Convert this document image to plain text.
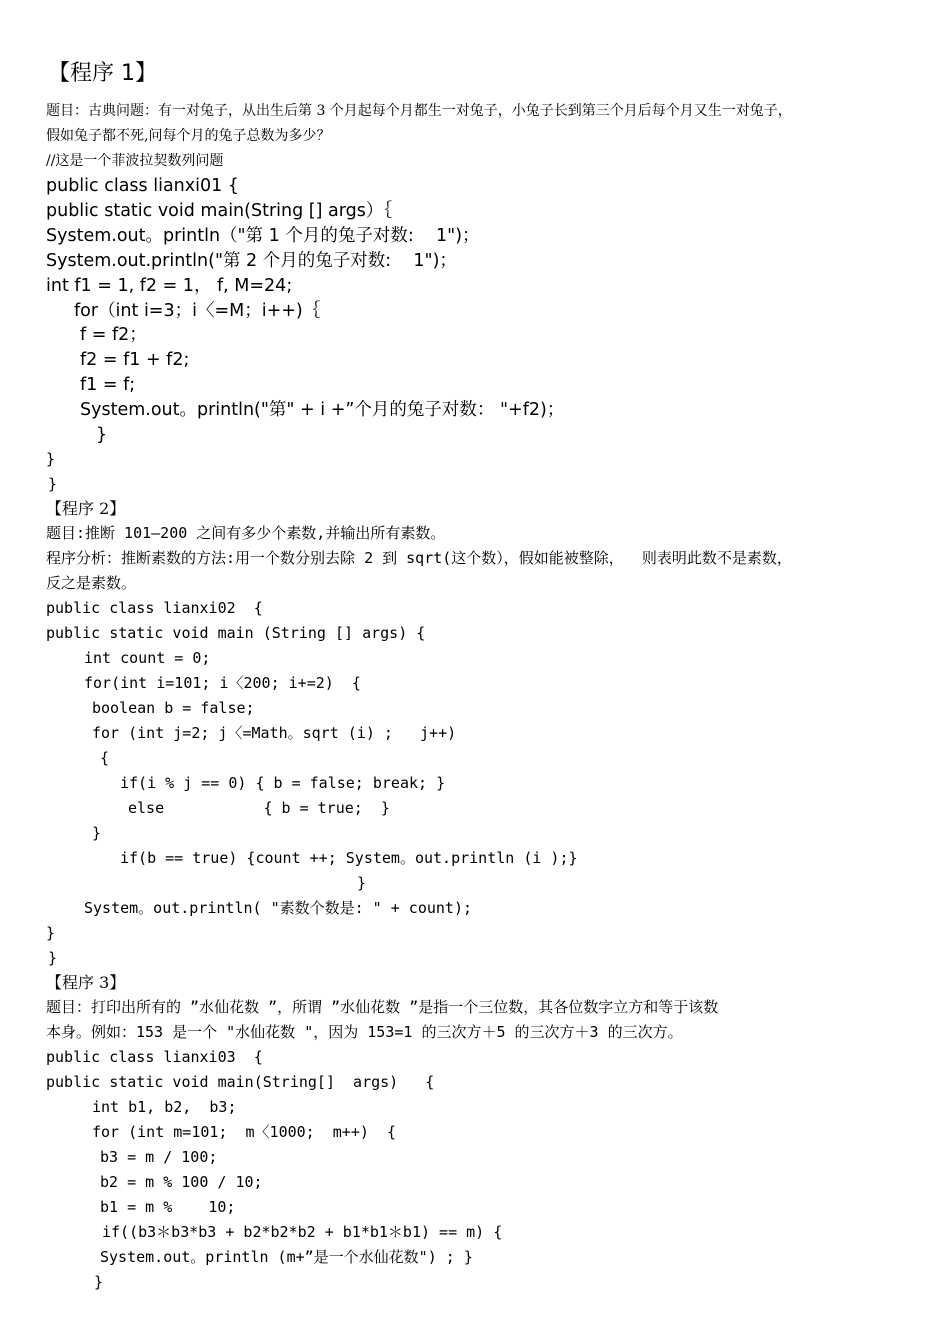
【程序 1】
题目：古典问题：有一对兔子，从出生后第 3 个月起每个月都生一对兔子，小兔子长到第三个月后每个月又生一对兔子，
假如兔子都不死,问每个月的兔子总数为多少？
//这是一个菲波拉契数列问题
public class lianxi01 {
public static void main(String [] args）｛
System.out。println（"第 1 个月的兔子对数:    1")；
System.out.println("第 2 个月的兔子对数:    1")；
int f1 = 1, f2 = 1， f, M=24;
for（int i=3；i〈=M；i++)｛
f = f2；
f2 = f1 + f2;
f1 = f;
System.out。println("第" + i +”个月的兔子对数： "+f2)；
}
}
}
【程序 2】
题目:推断 101—200 之间有多少个素数,并输出所有素数。
程序分析：推断素数的方法:用一个数分别去除 2 到 sqrt(这个数），假如能被整除，  则表明此数不是素数，
反之是素数。
public class lianxi02  {
public static void main (String [] args) {
int count = 0;
for(int i=101; i〈200; i+=2)  {
boolean b = false;
for (int j=2; j〈=Math。sqrt (i) ;   j++)
{
if(i % j == 0) { b = false; break; }
else           { b = true;  }
}
if(b == true) {count ++; System。out.println (i );}
}
System。out.println( "素数个数是: " + count);
}
}
【程序 3】
题目：打印出所有的 ”水仙花数 ”，所谓 ”水仙花数 ”是指一个三位数，其各位数字立方和等于该数
本身。例如：153 是一个 "水仙花数 "，因为 153=1 的三次方＋5 的三次方＋3 的三次方。
public class lianxi03  {
public static void main(String[]  args)   {
int b1, b2,  b3;
for (int m=101;  m〈1000;  m++)  {
b3 = m / 100;
b2 = m % 100 / 10;
b1 = m %    10;
if((b3＊b3*b3 + b2*b2*b2 + b1*b1＊b1) == m) {
System.out。println (m+”是一个水仙花数") ; }
}
